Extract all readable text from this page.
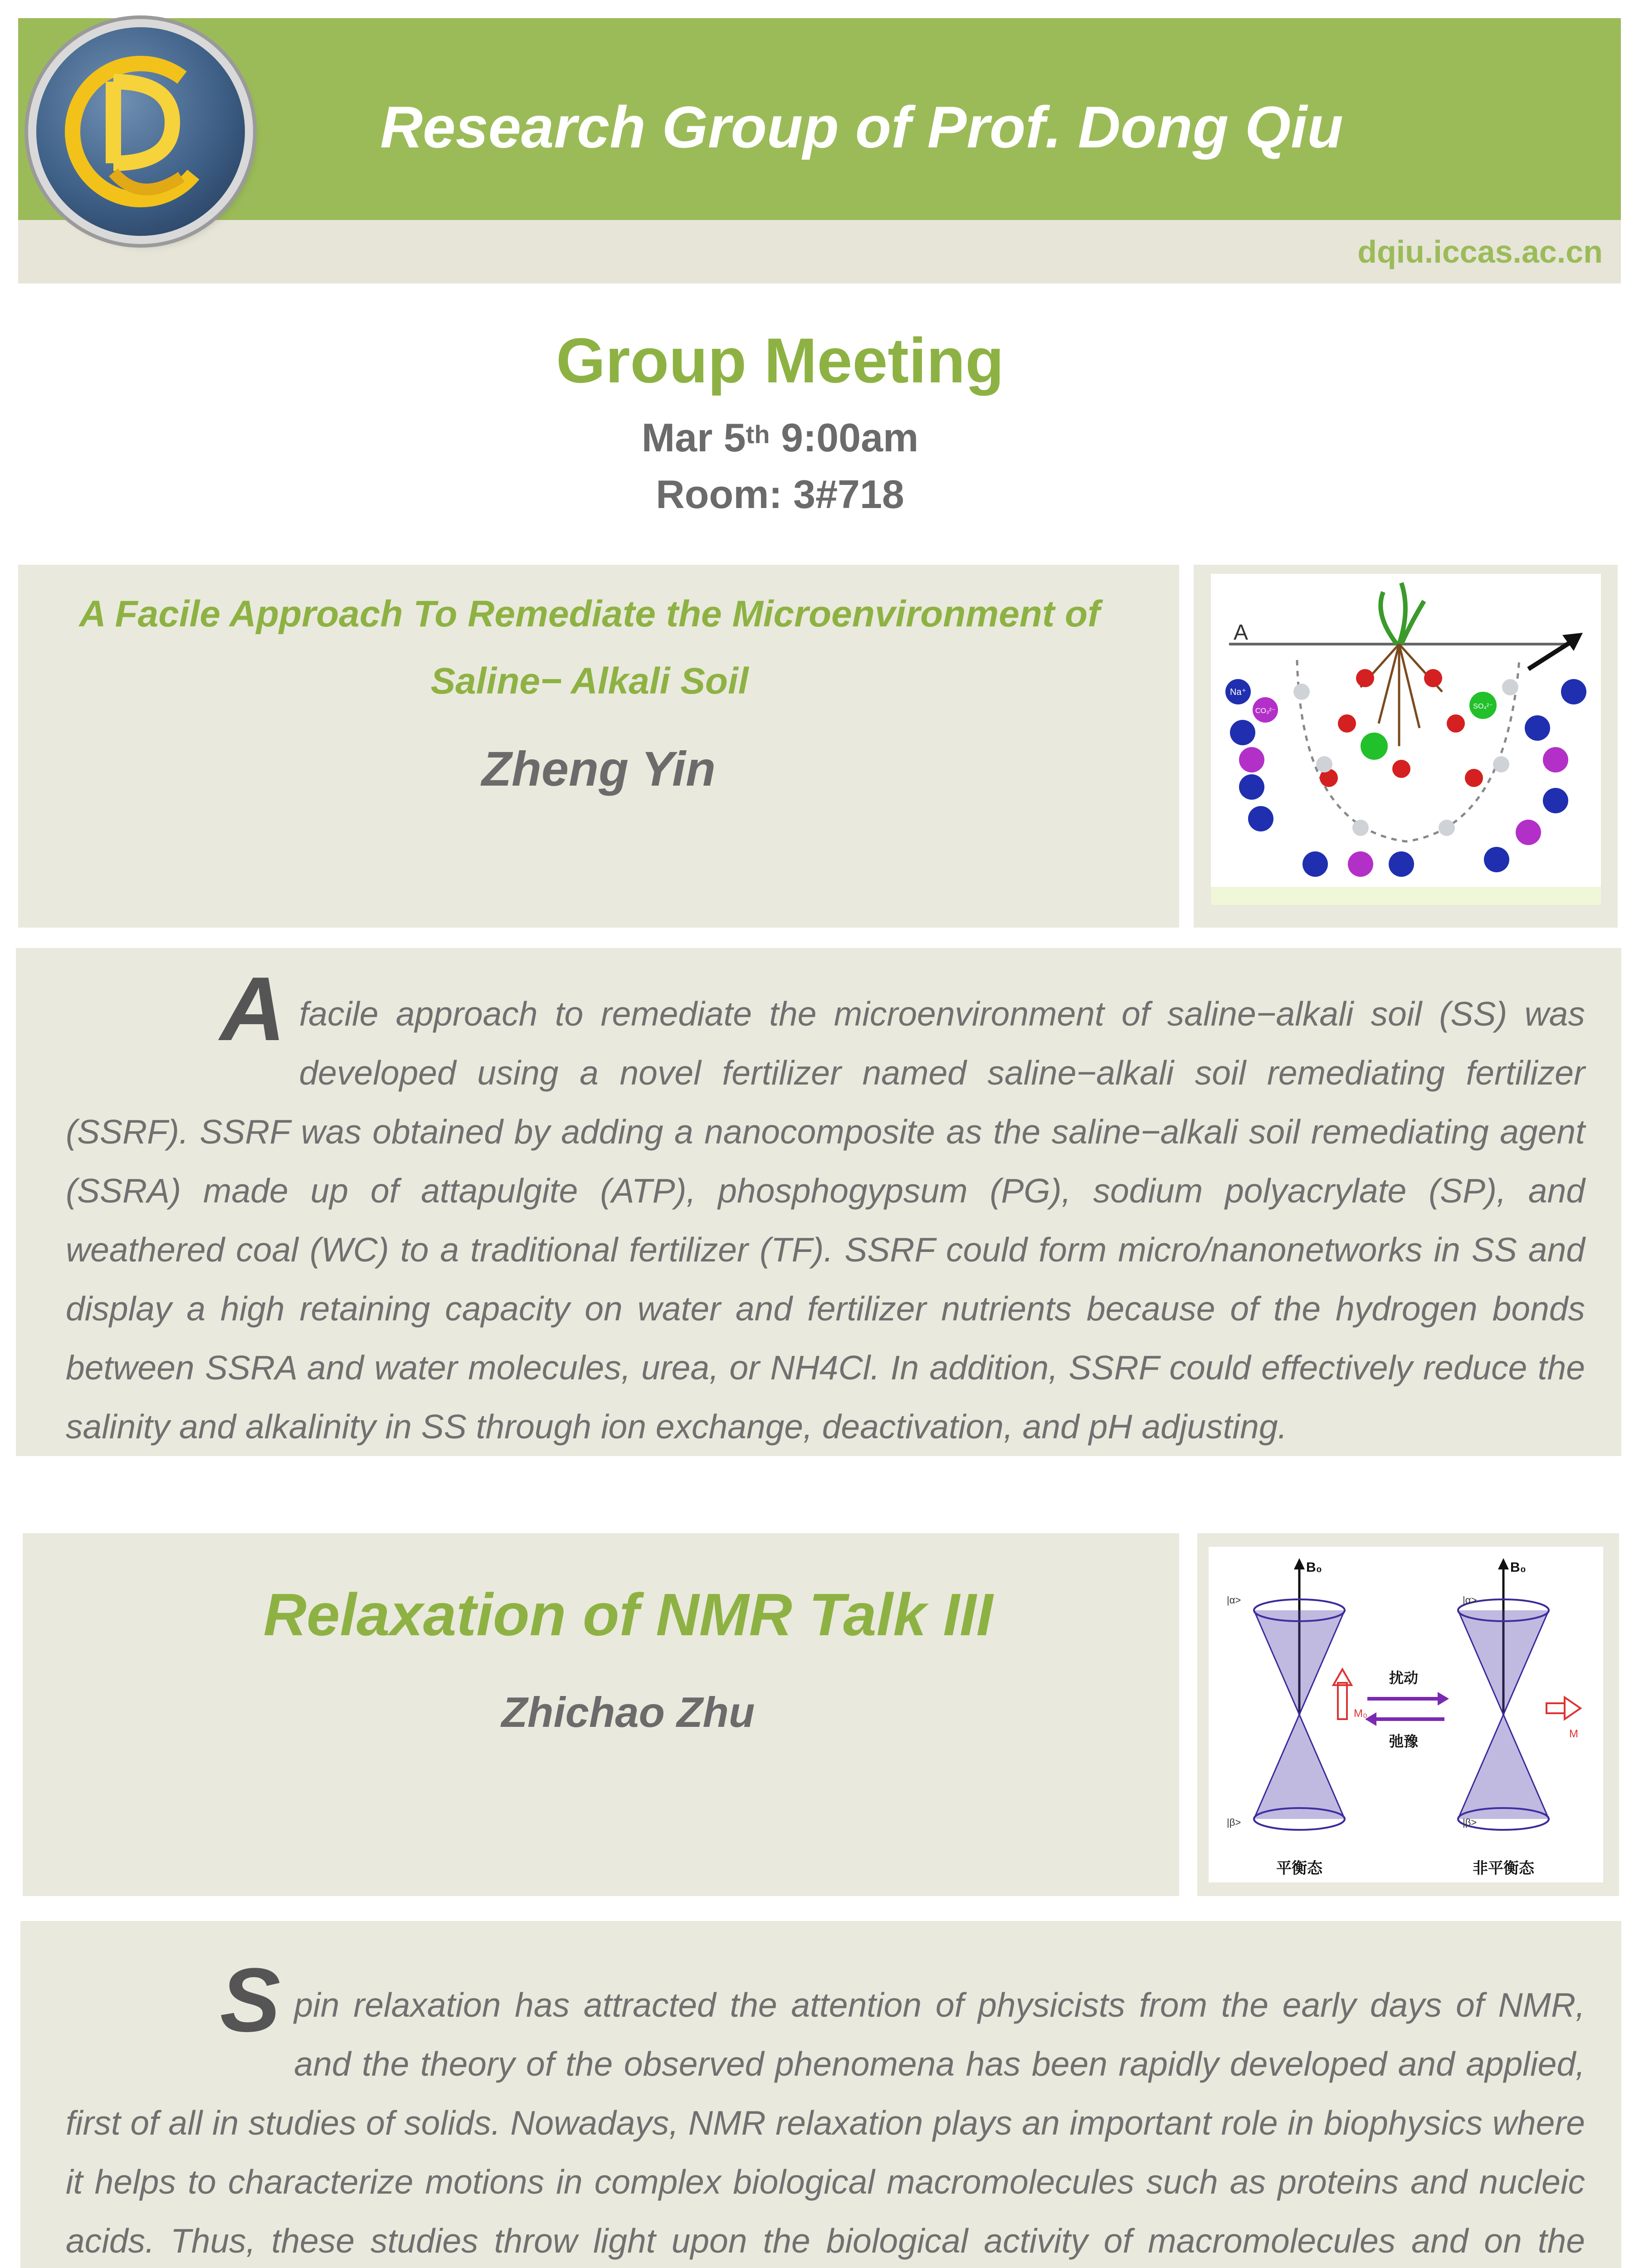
Research Group of Prof. Dong Qiu
dqiu.iccas.ac.cn
Group Meeting
Mar 5th 9:00am
Room: 3#718
A Facile Approach To Remediate the Microenvironment of Saline− Alkali Soil
Zheng Yin
A
Na⁺
CO₃²⁻
SO₄²⁻
Afacile approach to remediate the microenvironment of saline−alkali soil (SS) was developed using a novel fertilizer named saline−alkali soil remediating fertilizer (SSRF). SSRF was obtained by adding a nanocomposite as the saline−alkali soil remediating agent (SSRA) made up of attapulgite (ATP), phosphogypsum (PG), sodium polyacrylate (SP), and weathered coal (WC) to a traditional fertilizer (TF). SSRF could form micro/nanonetworks in SS and display a high retaining capacity on water and fertilizer nutrients because of the hydrogen bonds between SSRA and water molecules, urea, or NH4Cl. In addition, SSRF could effectively reduce the salinity and alkalinity in SS through ion exchange, deactivation, and pH adjusting.
Relaxation of NMR Talk III
Zhichao Zhu
B₀
|α>
|β>
M₀
平衡态
扰动
弛豫
B₀
|α>
|β>
M
非平衡态
Spin relaxation has attracted the attention of physicists from the early days of NMR, and the theory of the observed phenomena has been rapidly developed and applied, first of all in studies of solids. Nowadays, NMR relaxation plays an important role in biophysics where it helps to characterize motions in complex biological macromolecules such as proteins and nucleic acids. Thus, these studies throw light upon the biological activity of macromolecules and on the
